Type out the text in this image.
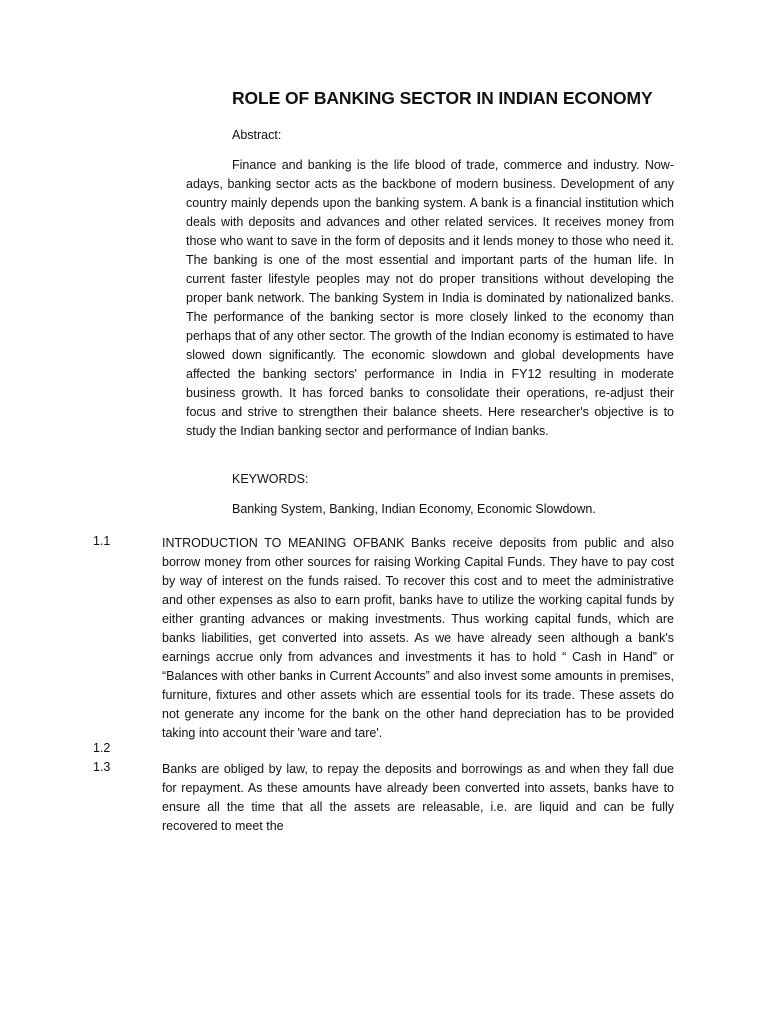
ROLE OF BANKING SECTOR IN INDIAN ECONOMY
Abstract:

Finance and banking is the life blood of trade, commerce and industry. Now-adays, banking sector acts as the backbone of modern business. Development of any country mainly depends upon the banking system. A bank is a financial institution which deals with deposits and advances and other related services. It receives money from those who want to save in the form of deposits and it lends money to those who need it. The banking is one of the most essential and important parts of the human life. In current faster lifestyle peoples may not do proper transitions without developing the proper bank network. The banking System in India is dominated by nationalized banks. The performance of the banking sector is more closely linked to the economy than perhaps that of any other sector. The growth of the Indian economy is estimated to have slowed down significantly. The economic slowdown and global developments have affected the banking sectors' performance in India in FY12 resulting in moderate business growth. It has forced banks to consolidate their operations, re-adjust their focus and strive to strengthen their balance sheets. Here researcher's objective is to study the Indian banking sector and performance of Indian banks.

KEYWORDS:
Banking System, Banking, Indian Economy, Economic Slowdown.
1.1	INTRODUCTION TO MEANING OFBANK Banks receive deposits from public and also borrow money from other sources for raising Working Capital Funds. They have to pay cost by way of interest on the funds raised. To recover this cost and to meet the administrative and other expenses as also to earn profit, banks have to utilize the working capital funds by either granting advances or making investments. Thus working capital funds, which are banks liabilities, get converted into assets. As we have already seen although a bank's earnings accrue only from advances and investments it has to hold “ Cash in Hand” or “Balances with other banks in Current Accounts” and also invest some amounts in premises, furniture, fixtures and other assets which are essential tools for its trade. These assets do not generate any income for the bank on the other hand depreciation has to be provided taking into account their 'ware and tare'.

1.2
1.3	Banks are obliged by law, to repay the deposits and borrowings as and when they fall due for repayment. As these amounts have already been converted into assets, banks have to ensure all the time that all the assets are releasable, i.e. are liquid and can be fully recovered to meet the
